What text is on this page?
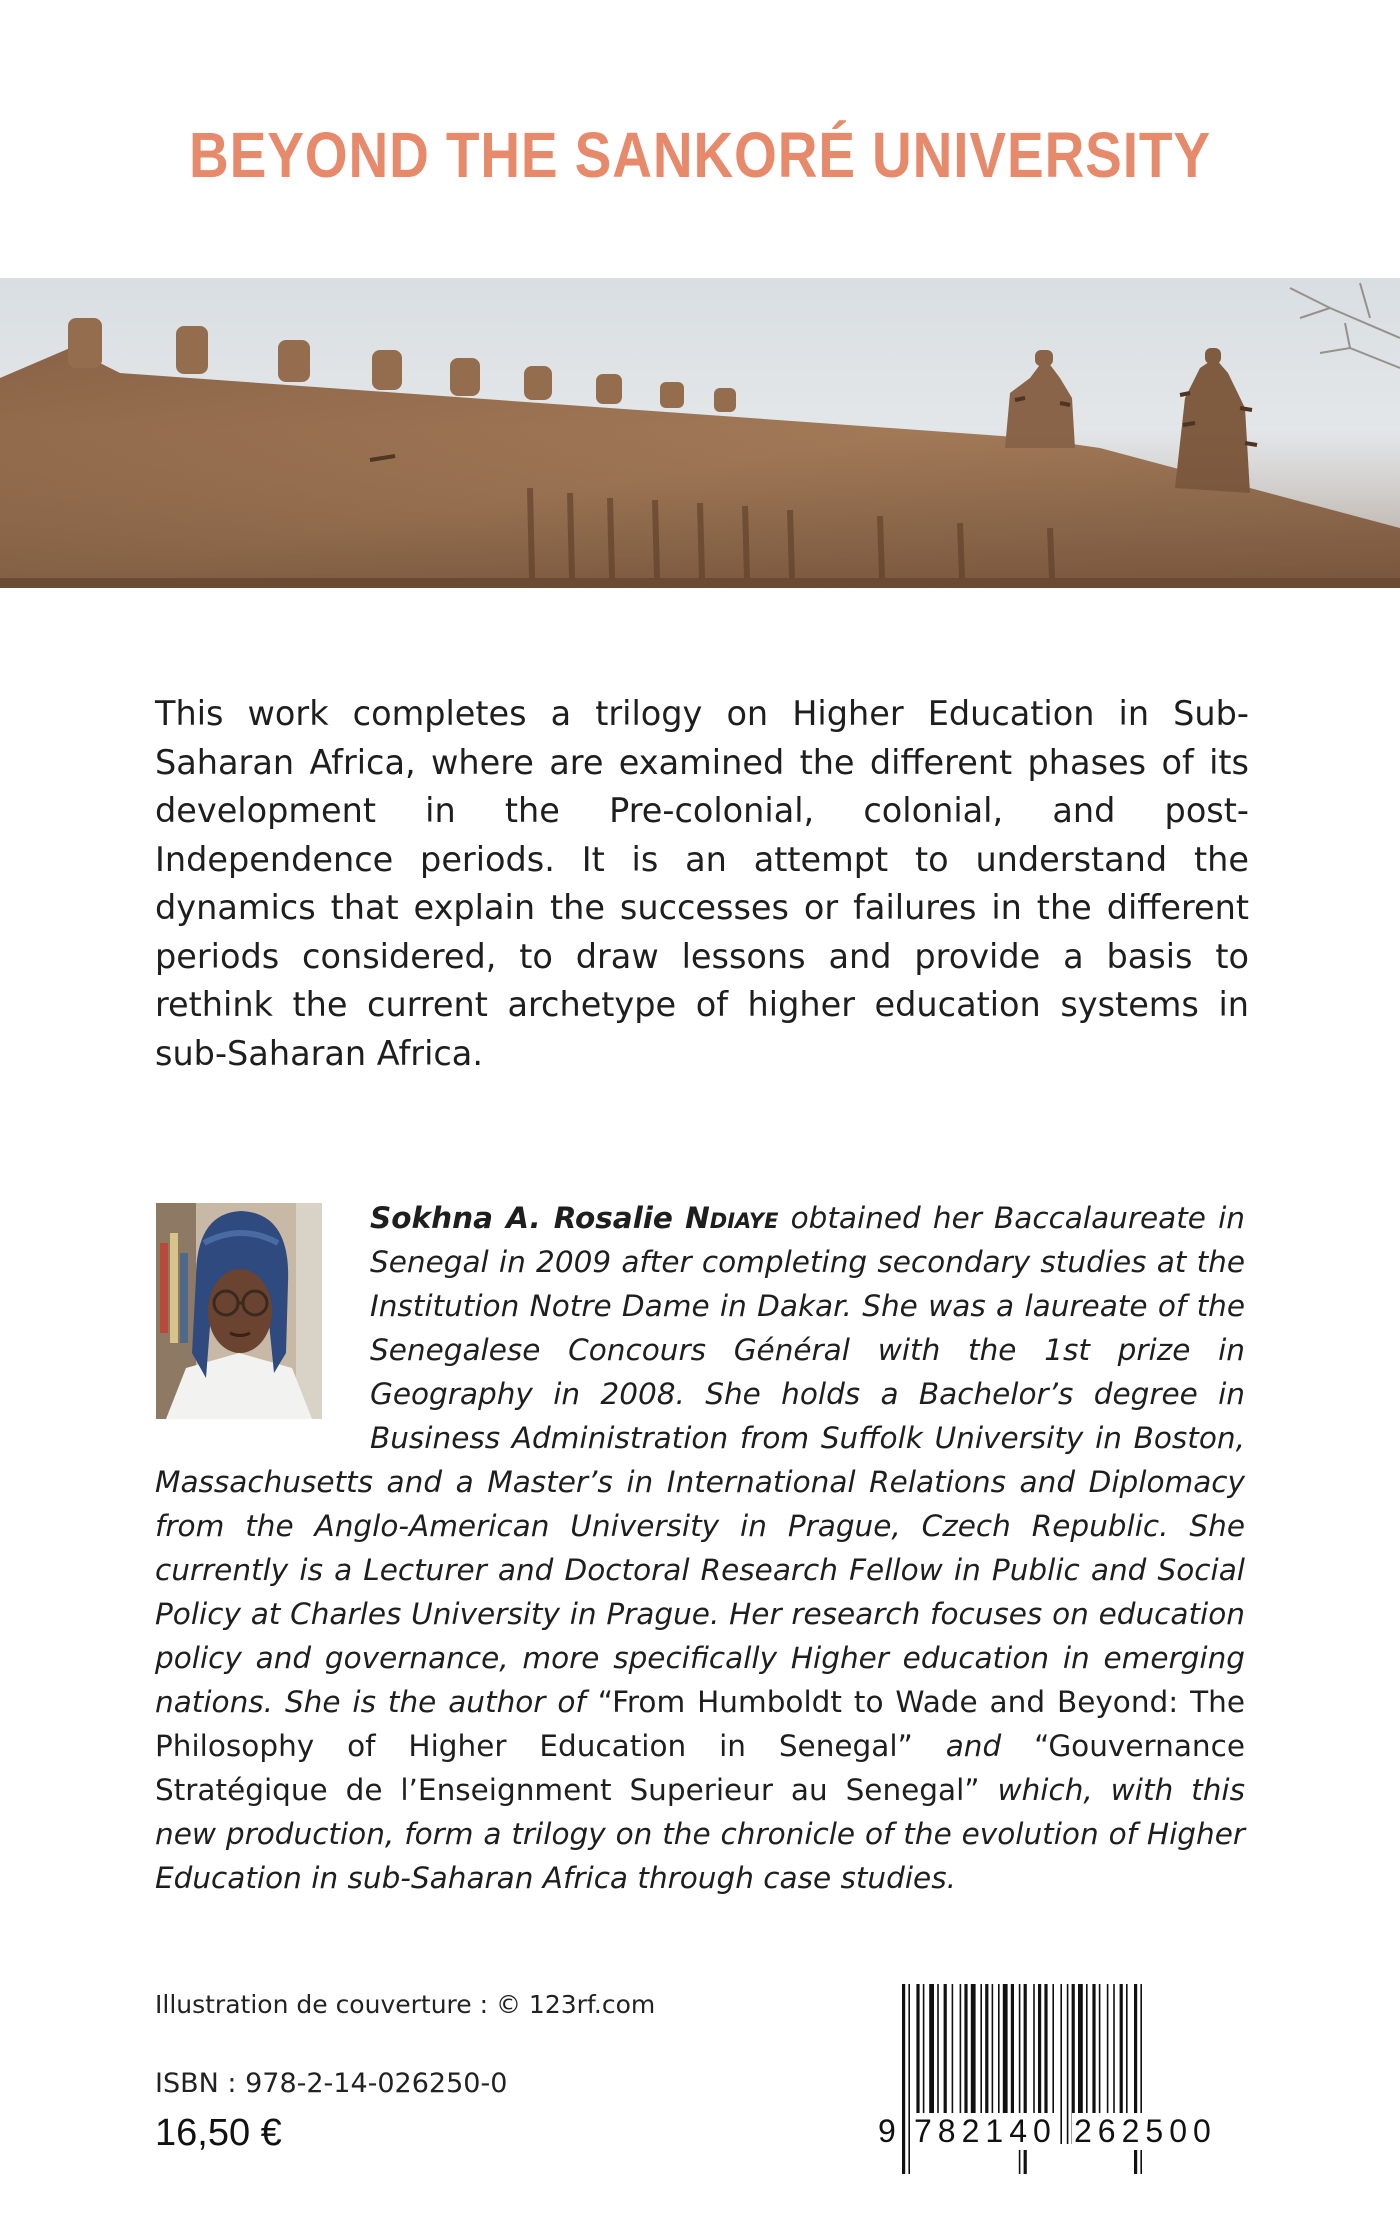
BEYOND THE SANKORÉ UNIVERSITY
This work completes a trilogy on Higher Education in Sub-Saharan Africa, where are examined the different phases of its development in the Pre-colonial, colonial, and post-Independence periods. It is an attempt to understand the dynamics that explain the successes or failures in the different periods considered, to draw lessons and provide a basis to rethink the current archetype of higher education systems in sub-Saharan Africa.
Sokhna A. Rosalie Ndiaye obtained her Baccalaureate in Senegal in 2009 after completing secondary studies at the Institution Notre Dame in Dakar. She was a laureate of the Senegalese Concours Général with the 1st prize in Geography in 2008. She holds a Bachelor’s degree in Business Administration from Suffolk University in Boston, Massachusetts and a Master’s in International Relations and Diplomacy from the Anglo-American University in Prague, Czech Republic. She currently is a Lecturer and Doctoral Research Fellow in Public and Social Policy at Charles University in Prague. Her research focuses on education policy and governance, more specifically Higher education in emerging nations. She is the author of “From Humboldt to Wade and Beyond: The Philosophy of Higher Education in Senegal” and “Gouvernance Stratégique de l’Enseignment Superieur au Senegal” which, with this new production, form a trilogy on the chronicle of the evolution of Higher Education in sub-Saharan Africa through case studies.
Illustration de couverture : © 123rf.com
ISBN : 978-2-14-026250-0
16,50 €	9 782140 262500
